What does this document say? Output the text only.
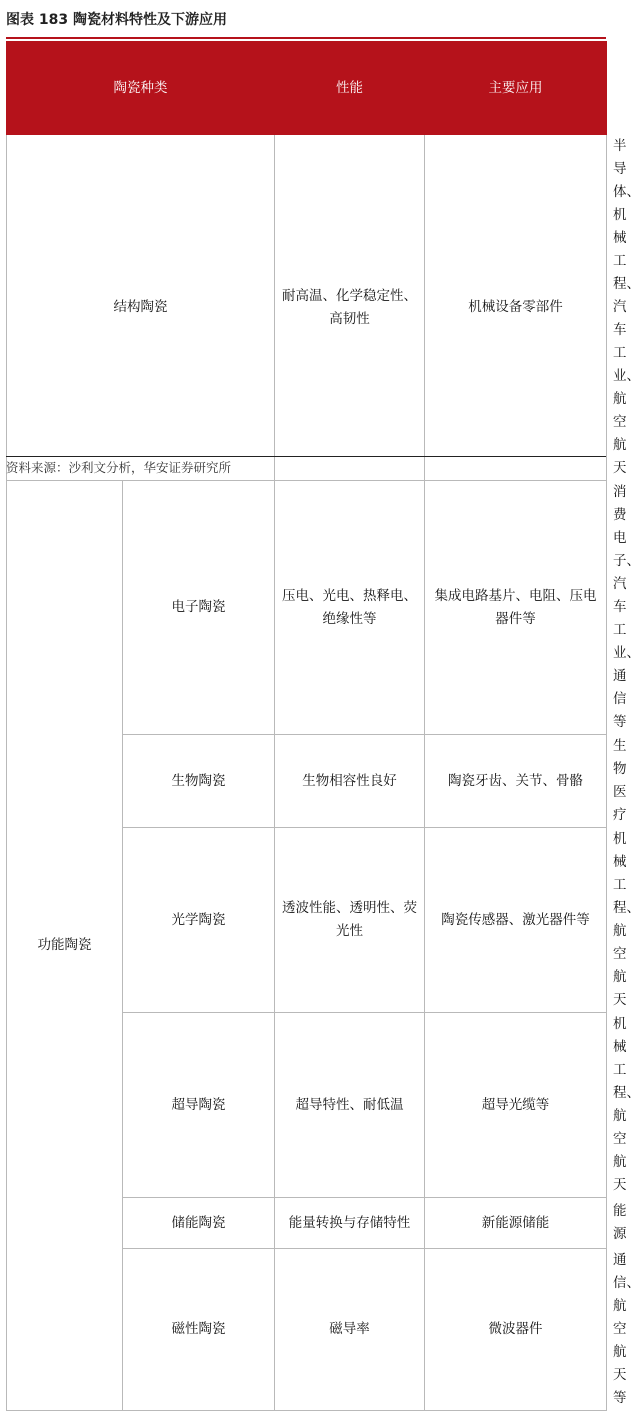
图表 183 陶瓷材料特性及下游应用
陶瓷种类		性能	主要应用	涉及行业
结构陶瓷		耐高温、化学稳定性、高韧性	机械设备零部件	半导体、机械工程、汽车工业、航空航天
功能陶瓷	电子陶瓷	压电、光电、热释电、绝缘性等	集成电路基片、电阻、压电器件等	消费电子、汽车工业、通信等
	生物陶瓷	生物相容性良好	陶瓷牙齿、关节、骨骼	生物医疗
	光学陶瓷	透波性能、透明性、荧光性	陶瓷传感器、激光器件等	机械工程、航空航天
	超导陶瓷	超导特性、耐低温	超导光缆等	机械工程、航空航天
	储能陶瓷	能量转换与存储特性	新能源储能	能源
	磁性陶瓷	磁导率	微波器件	通信、航空航天等
资料来源：沙利文分析，华安证券研究所
